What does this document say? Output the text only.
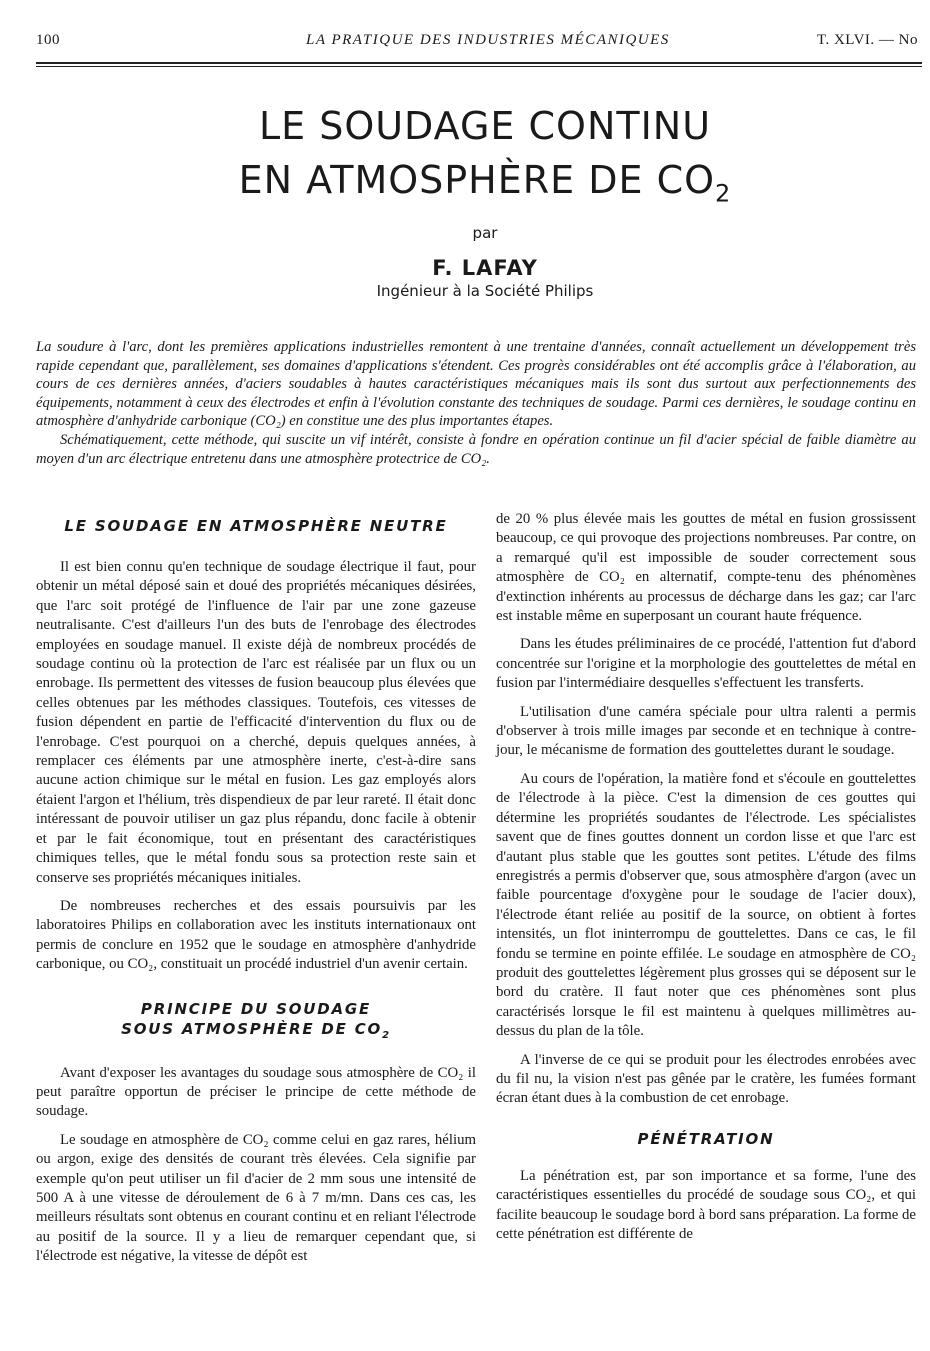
100	LA PRATIQUE DES INDUSTRIES MÉCANIQUES	T. XLVI. — No
LE SOUDAGE CONTINU
EN ATMOSPHÈRE DE $CO_2$
par
F. LAFAY
Ingénieur à la Société Philips

La soudure à l'arc, dont les premières applications industrielles remontent à une trentaine d'années, connaît actuellement un développement très rapide cependant que, parallèlement, ses domaines d'applications s'étendent. Ces progrès considérables ont été accomplis grâce à l'élaboration, au cours de ces dernières années, d'aciers soudables à hautes caractéristiques mécaniques mais ils sont dus surtout aux perfectionnements des équipements, notamment à ceux des électrodes et enfin à l'évolution constante des techniques de soudage. Parmi ces dernières, le soudage continu en atmosphère d'anhydride carbonique (CO₂) en constitue une des plus importantes étapes.

Schématiquement, cette méthode, qui suscite un vif intérêt, consiste à fondre en opération continue un fil d'acier spécial de faible diamètre au moyen d'un arc électrique entretenu dans une atmosphère protectrice de CO₂.

LE SOUDAGE EN ATMOSPHÈRE NEUTRE

Il est bien connu qu'en technique de soudage électrique il faut, pour obtenir un métal déposé sain et doué des propriétés mécaniques désirées, que l'arc soit protégé de l'influence de l'air par une zone gazeuse neutralisante. C'est d'ailleurs l'un des buts de l'enrobage des électrodes employées en soudage manuel. Il existe déjà de nombreux procédés de soudage continu où la protection de l'arc est réalisée par un flux ou un enrobage. Ils permettent des vitesses de fusion beaucoup plus élevées que celles obtenues par les méthodes classiques. Toutefois, ces vitesses de fusion dépendent en partie de l'efficacité d'intervention du flux ou de l'enrobage. C'est pourquoi on a cherché, depuis quelques années, à remplacer ces éléments par une atmosphère inerte, c'est-à-dire sans aucune action chimique sur le métal en fusion. Les gaz employés alors étaient l'argon et l'hélium, très dispendieux de par leur rareté. Il était donc intéressant de pouvoir utiliser un gaz plus répandu, donc facile à obtenir et par le fait économique, tout en présentant des caractéristiques chimiques telles, que le métal fondu sous sa protection reste sain et conserve ses propriétés mécaniques initiales.

De nombreuses recherches et des essais poursuivis par les laboratoires Philips en collaboration avec les instituts internationaux ont permis de conclure en 1952 que le soudage en atmosphère d'anhydride carbonique, ou CO₂, constituait un procédé industriel d'un avenir certain.

PRINCIPE DU SOUDAGE
SOUS ATMOSPHÈRE DE $CO_2$

Avant d'exposer les avantages du soudage sous atmosphère de CO₂ il peut paraître opportun de préciser le principe de cette méthode de soudage.

Le soudage en atmosphère de CO₂ comme celui en gaz rares, hélium ou argon, exige des densités de courant très élevées. Cela signifie par exemple qu'on peut utiliser un fil d'acier de 2 mm sous une intensité de 500 A à une vitesse de déroulement de 6 à 7 m/mn. Dans ces cas, les meilleurs résultats sont obtenus en courant continu et en reliant l'électrode au positif de la source. Il y a lieu de remarquer cependant que, si l'électrode est négative, la vitesse de dépôt est

de 20 % plus élevée mais les gouttes de métal en fusion grossissent beaucoup, ce qui provoque des projections nombreuses. Par contre, on a remarqué qu'il est impossible de souder correctement sous atmosphère de CO₂ en alternatif, compte-tenu des phénomènes d'extinction inhérents au processus de décharge dans les gaz; car l'arc est instable même en superposant un courant haute fréquence.

Dans les études préliminaires de ce procédé, l'attention fut d'abord concentrée sur l'origine et la morphologie des gouttelettes de métal en fusion par l'intermédiaire desquelles s'effectuent les transferts.

L'utilisation d'une caméra spéciale pour ultra ralenti a permis d'observer à trois mille images par seconde et en technique à contre-jour, le mécanisme de formation des gouttelettes durant le soudage.

Au cours de l'opération, la matière fond et s'écoule en gouttelettes de l'électrode à la pièce. C'est la dimension de ces gouttes qui détermine les propriétés soudantes de l'électrode. Les spécialistes savent que de fines gouttes donnent un cordon lisse et que l'arc est d'autant plus stable que les gouttes sont petites. L'étude des films enregistrés a permis d'observer que, sous atmosphère d'argon (avec un faible pourcentage d'oxygène pour le soudage de l'acier doux), l'électrode étant reliée au positif de la source, on obtient à fortes intensités, un flot ininterrompu de gouttelettes. Dans ce cas, le fil fondu se termine en pointe effilée. Le soudage en atmosphère de CO₂ produit des gouttelettes légèrement plus grosses qui se déposent sur le bord du cratère. Il faut noter que ces phénomènes sont plus caractérisés lorsque le fil est maintenu à quelques millimètres au-dessus du plan de la tôle.

A l'inverse de ce qui se produit pour les électrodes enrobées avec du fil nu, la vision n'est pas gênée par le cratère, les fumées formant écran étant dues à la combustion de cet enrobage.

PÉNÉTRATION

La pénétration est, par son importance et sa forme, l'une des caractéristiques essentielles du procédé de soudage sous CO₂, et qui facilite beaucoup le soudage bord à bord sans préparation. La forme de cette pénétration est différente de
